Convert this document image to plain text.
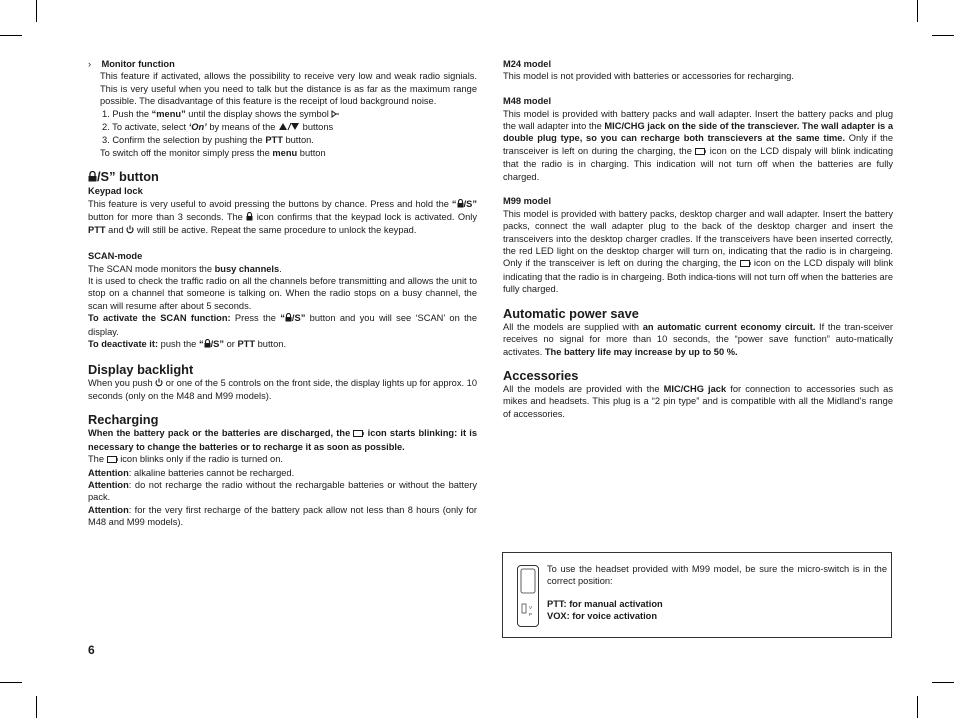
› Monitor function

This feature if activated, allows the possibility to receive very low and weak radio signials. This is very useful when you need to talk but the distance is as far as the maximum range possible. The disadvantage of this feature is the receipt of loud background noise.

1. Push the “menu” until the display shows the symbol

2. To activate, select ‘On’ by means of the  buttons

3. Confirm the selection by pushing the PTT button.

To switch off the monitor simply press the menu button

/S” button

Keypad lock

This feature is very useful to avoid pressing the buttons by chance. Press and hold the “ /S” button for more than 3 seconds. The  icon confirms that the keypad lock is activated. Only PTT and  will still be active. Repeat the same procedure to unlock the keypad.

SCAN-mode

The SCAN mode monitors the busy channels.

It is used to check the traffic radio on all the channels before transmitting and allows the unit to stop on a channel that someone is talking on. When the radio stops on a busy channel, the scan will resume after about 5 seconds.

To activate the SCAN function: Press the “ /S” button and you will see ‘SCAN’ on the display.

To deactivate it: push the “ /S” or PTT button.

Display backlight

When you push  or one of the 5 controls on the front side, the display lights up for approx. 10 seconds (only on the M48 and M99 models).

Recharging

When the battery pack or the batteries are discharged, the  icon starts blinking: it is necessary to change the batteries or to recharge it as soon as possible.

The  icon blinks only if the radio is turned on.

Attention: alkaline batteries cannot be recharged.

Attention: do not recharge the radio without the rechargable batteries or without the battery pack.

Attention: for the very first recharge of the battery pack allow not less than 8 hours (only for M48 and M99 models).

6

M24 model

This model is not provided with batteries or accessories for recharging.

M48 model

This model is provided with battery packs and wall adapter. Insert the battery packs and plug the wall adapter into the MIC/CHG jack on the side of the transciever. The wall adapter is a double plug type, so you can recharge both transcievers at the same time. Only if the transceiver is left on during the charging, the  icon on the LCD dispaly will blink indicating that the radio is in charging. This indication will not turn off when the batteries are fully charged.

M99 model

This model is provided with battery packs, desktop charger and wall adapter. Insert the battery packs, connect the wall adapter plug to the back of the desktop charger and insert the transceivers into the desktop charger cradles. If the transceivers have been inserted correctly, the red LED light on the desktop charger will turn on, indicating that the radio is in chargeing. Only if the transceiver is left on during the charging, the  icon on the LCD dispaly will blink indicating that the radio is in chargeing. Both indica-tions will not turn off when the batteries are fully charged.

Automatic power save

All the models are supplied with an automatic current economy circuit. If the tran-sceiver receives no signal for more than 10 seconds, the “power save function” auto-matically activates. The battery life may increase by up to 50 %.

Accessories

All the models are provided with the MIC/CHG jack for connection to accessories such as mikes and headsets. This plug is a “2 pin type” and is compatible with all the Midland’s range of accessories.

V
P

To use the headset provided with M99 model, be sure the micro-switch is in the correct position:

PTT: for manual activation

VOX: for voice activation
